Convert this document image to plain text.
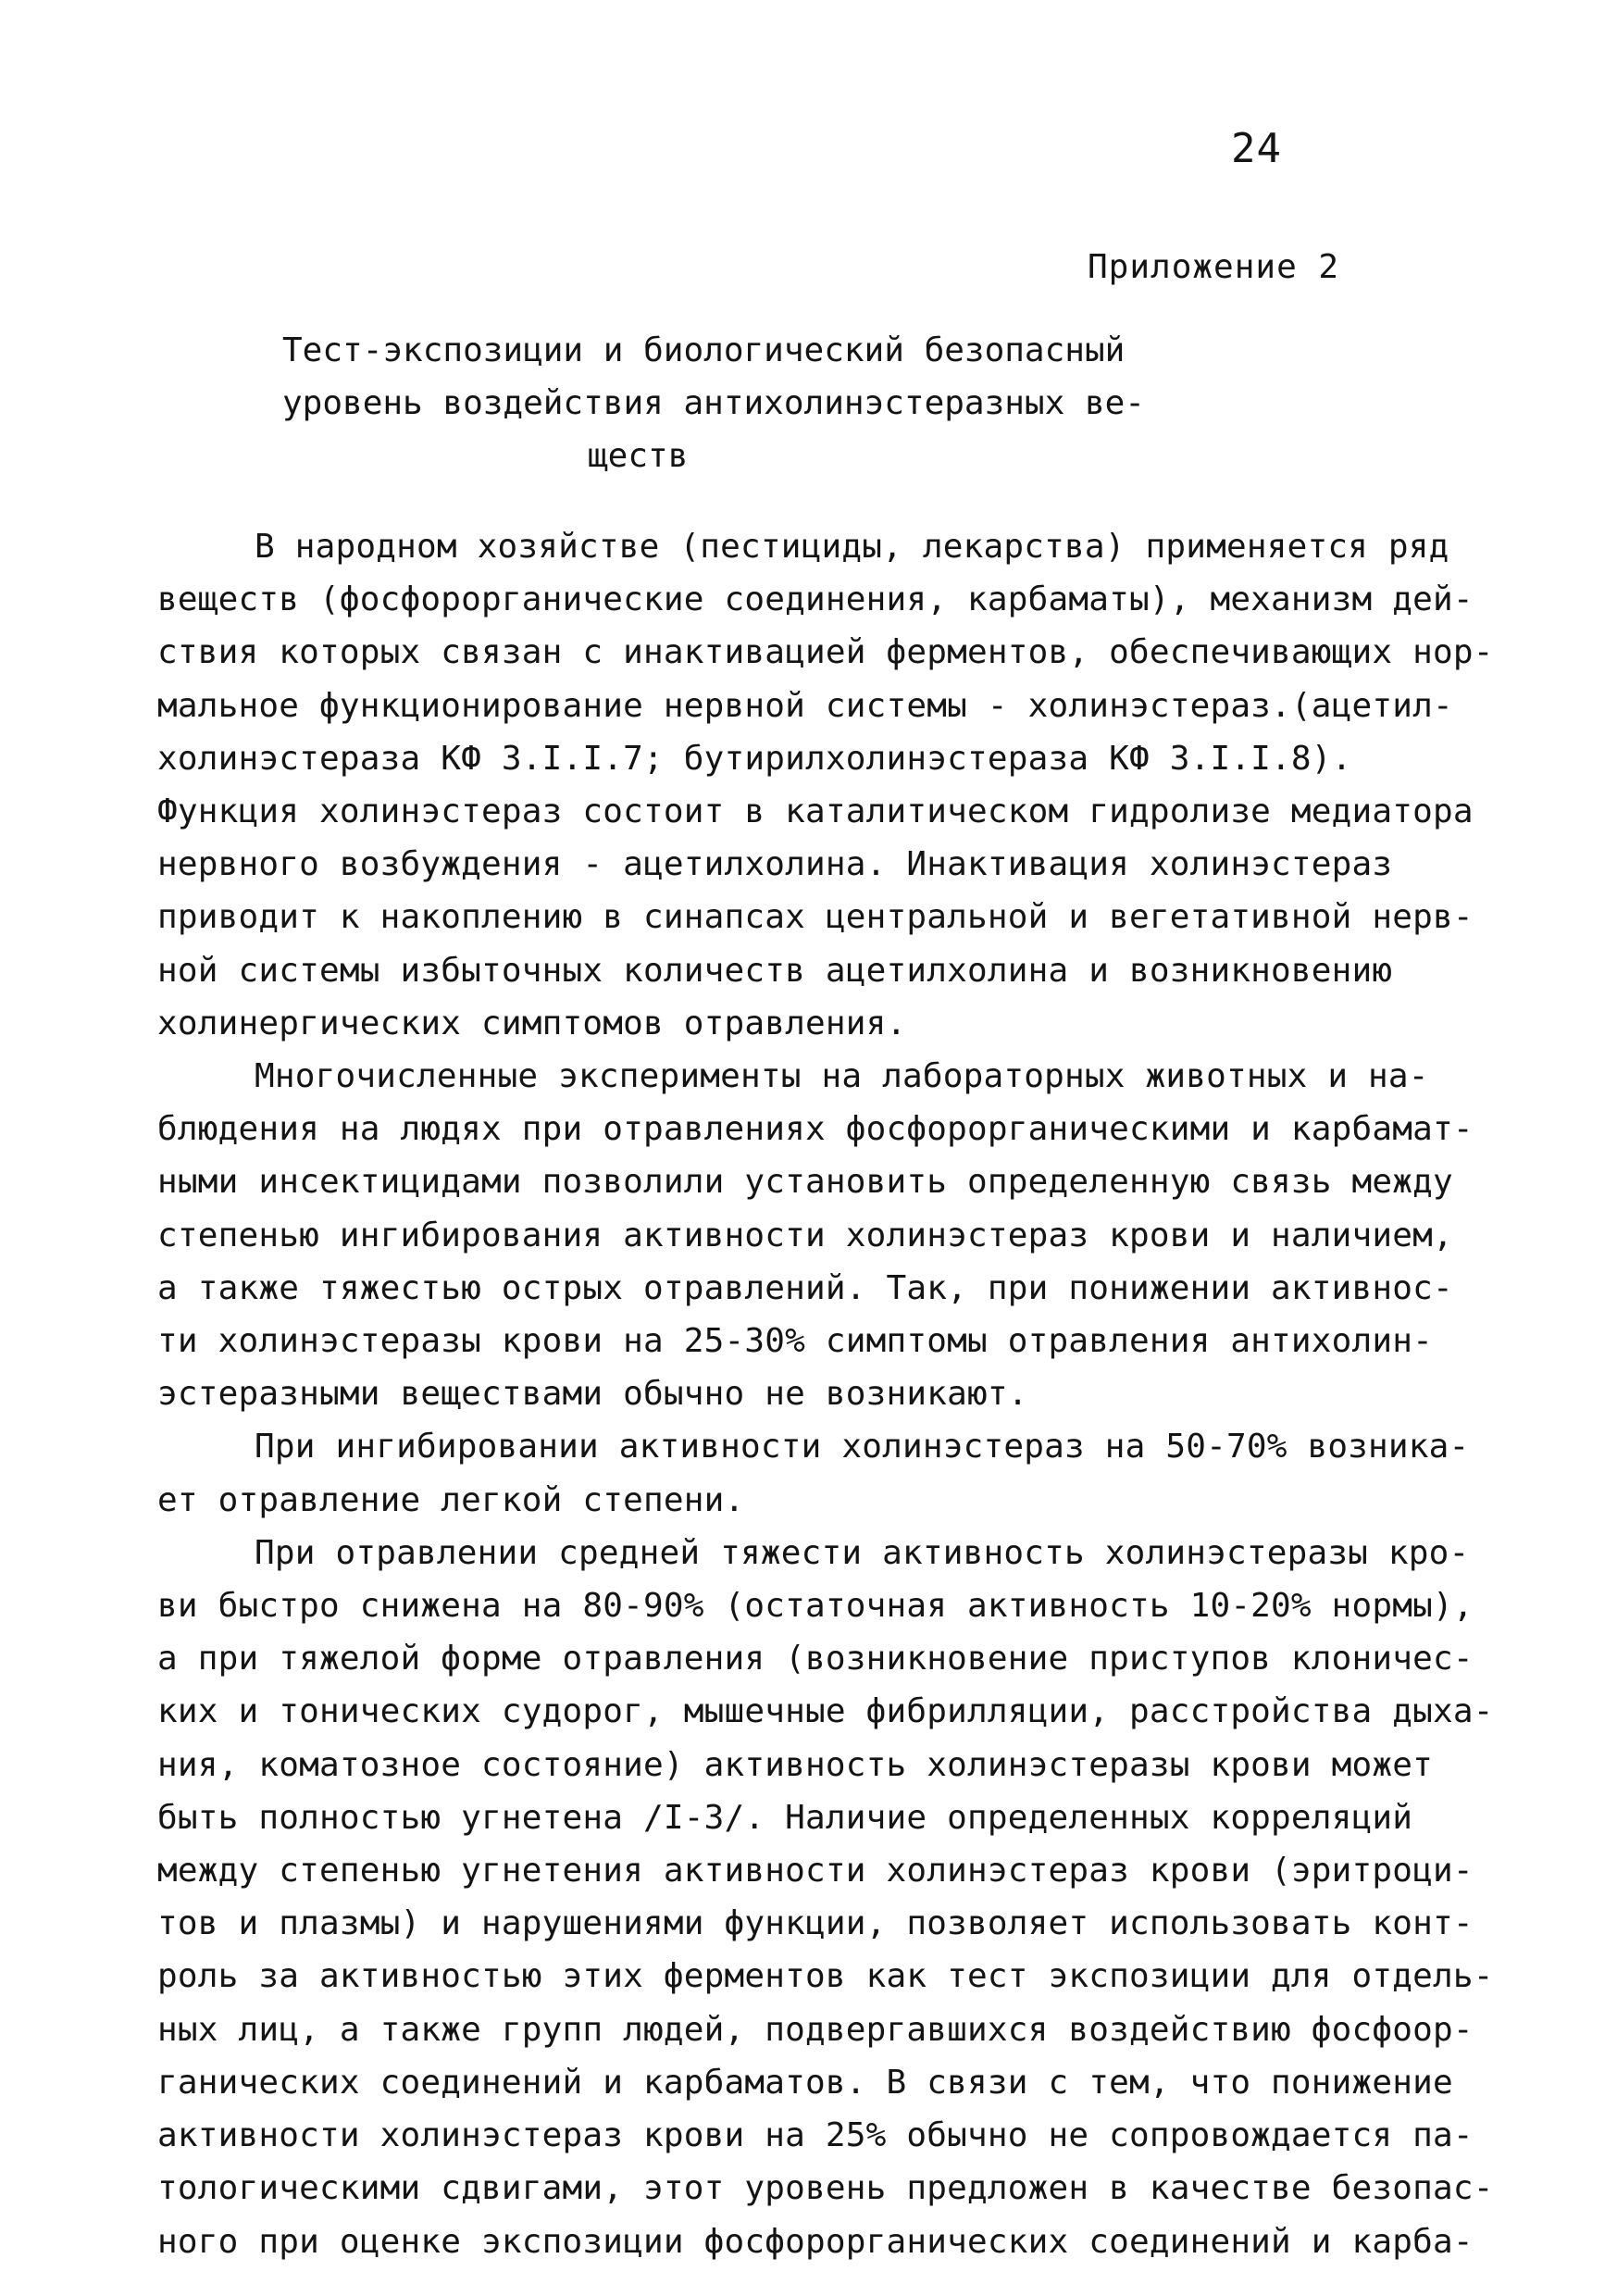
24
Приложение 2
Тест-экспозиции и биологический безопасный
уровень воздействия антихолинэстеразных ве-
ществ
В народном хозяйстве (пестициды, лекарства) применяется ряд
веществ (фосфорорганические соединения, карбаматы), механизм дей-
ствия которых связан с инактивацией ферментов, обеспечивающих нор-
мальное функционирование нервной системы - холинэстераз.(ацетил-
холинэстераза КФ 3.I.I.7; бутирилхолинэстераза КФ 3.I.I.8).
Функция холинэстераз состоит в каталитическом гидролизе медиатора
нервного возбуждения - ацетилхолина. Инактивация холинэстераз
приводит к накоплению в синапсах центральной и вегетативной нерв-
ной системы избыточных количеств ацетилхолина и возникновению
холинергических симптомов отравления.
Многочисленные эксперименты на лабораторных животных и на-
блюдения на людях при отравлениях фосфорорганическими и карбамат-
ными инсектицидами позволили установить определенную связь между
степенью ингибирования активности холинэстераз крови и наличием,
а также тяжестью острых отравлений. Так, при понижении активнос-
ти холинэстеразы крови на 25-30% симптомы отравления антихолин-
эстеразными веществами обычно не возникают.
При ингибировании активности холинэстераз на 50-70% возника-
ет отравление легкой степени.
При отравлении средней тяжести активность холинэстеразы кро-
ви быстро снижена на 80-90% (остаточная активность 10-20% нормы),
а при тяжелой форме отравления (возникновение приступов клоничес-
ких и тонических судорог, мышечные фибрилляции, расстройства дыха-
ния, коматозное состояние) активность холинэстеразы крови может
быть полностью угнетена /I-3/. Наличие определенных корреляций
между степенью угнетения активности холинэстераз крови (эритроци-
тов и плазмы) и нарушениями функции, позволяет использовать конт-
роль за активностью этих ферментов как тест экспозиции для отдель-
ных лиц, а также групп людей, подвергавшихся воздействию фосфоор-
ганических соединений и карбаматов. В связи с тем, что понижение
активности холинэстераз крови на 25% обычно не сопровождается па-
тологическими сдвигами, этот уровень предложен в качестве безопас-
ного при оценке экспозиции фосфорорганических соединений и карба-
